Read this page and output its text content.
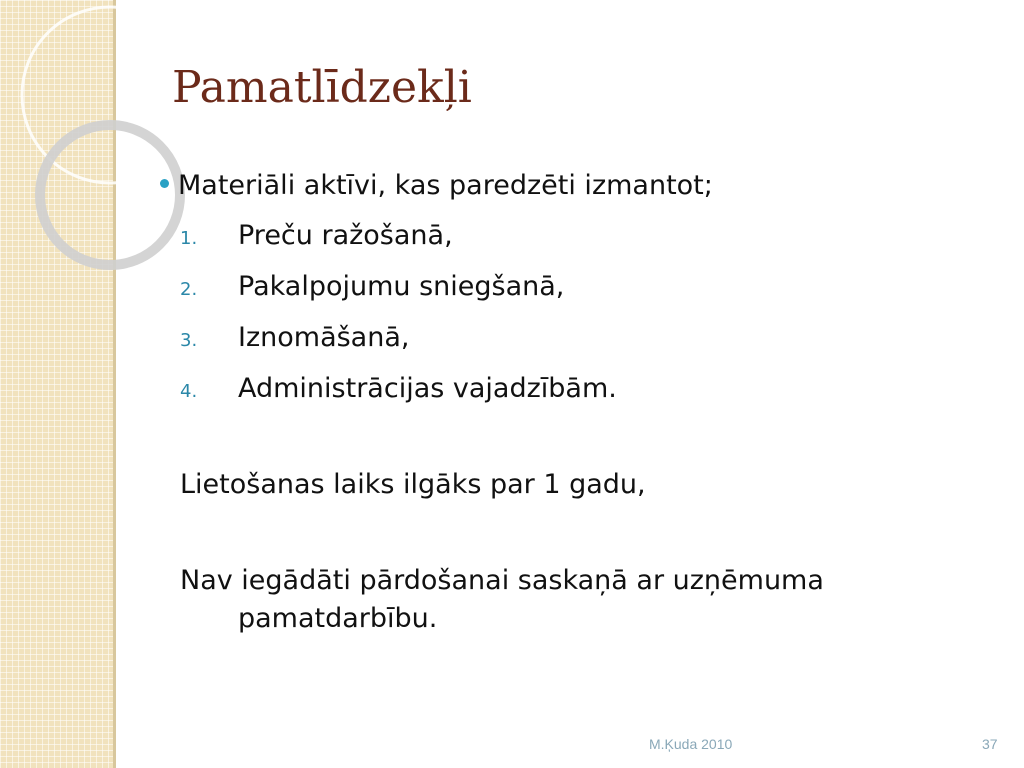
Pamatlīdzekļi
Materiāli aktīvi, kas paredzēti izmantot;
1.	Preču ražošanā,
2.	Pakalpojumu sniegšanā,
3.	Iznomāšanā,
4.	Administrācijas vajadzībām.
Lietošanas laiks ilgāks par 1 gadu,
Nav iegādāti pārdošanai saskaņā ar uzņēmuma pamatdarbību.
M.Ķuda 2010	37
